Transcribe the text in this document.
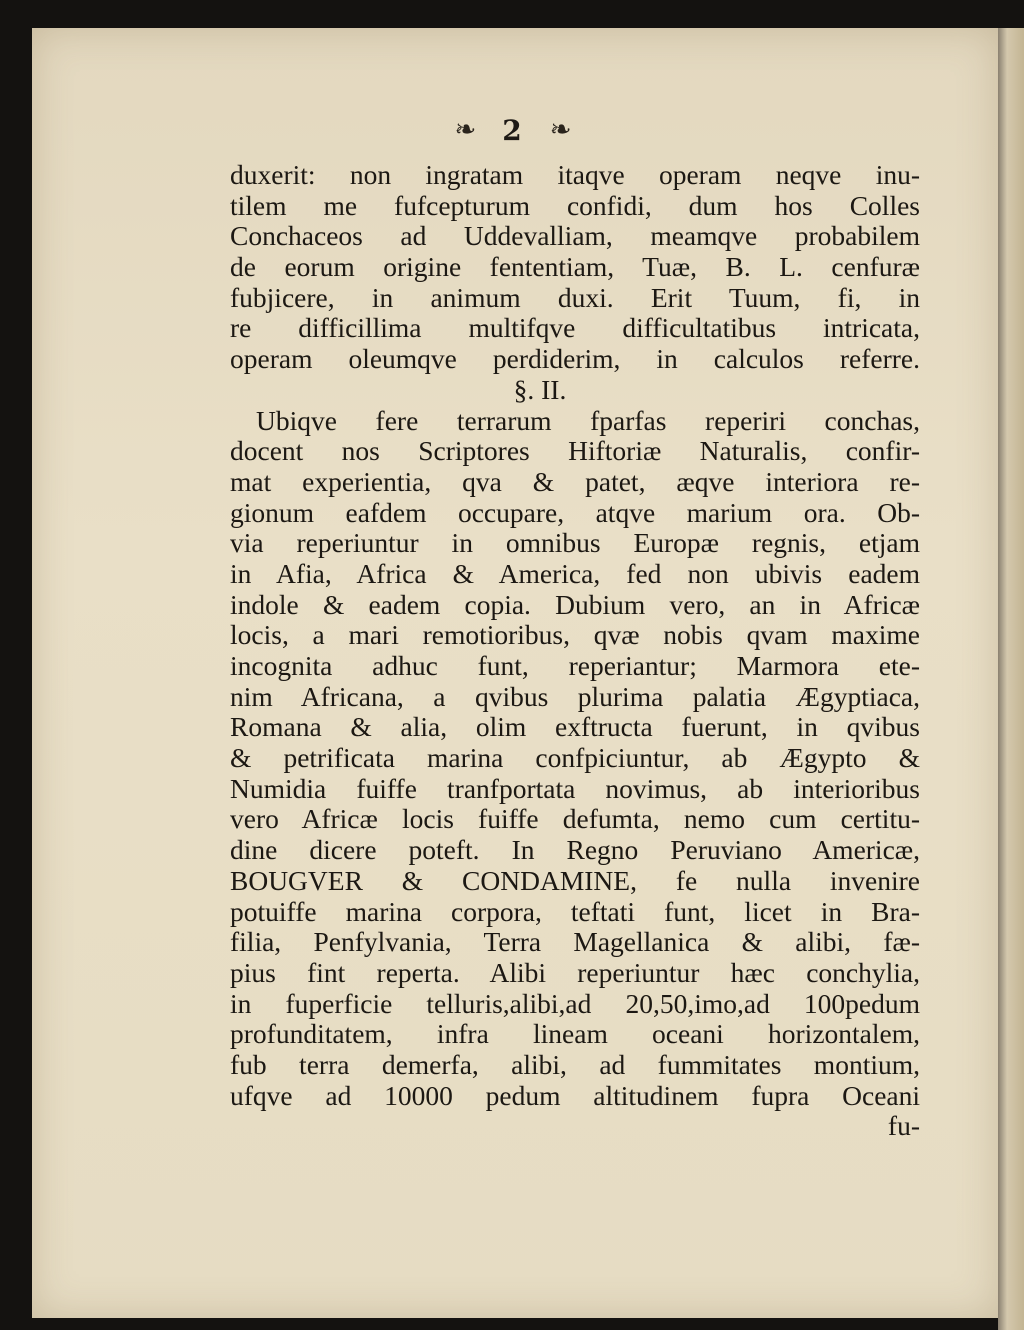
❧ 2 ❧
duxerit: non ingratam itaqve operam neqve inu-
tilem me fufcepturum confidi, dum hos Colles
Conchaceos ad Uddevalliam, meamqve probabilem
de eorum origine fententiam, Tuæ, B. L. cenfuræ
fubjicere, in animum duxi. Erit Tuum, fi, in
re difficillima multifqve difficultatibus intricata,
operam oleumqve perdiderim, in calculos referre.
§. II.
Ubiqve fere terrarum fparfas reperiri conchas,
docent nos Scriptores Hiftoriæ Naturalis, confir-
mat experientia, qva & patet, æqve interiora re-
gionum eafdem occupare, atqve marium ora. Ob-
via reperiuntur in omnibus Europæ regnis, etjam
in Afia, Africa & America, fed non ubivis eadem
indole & eadem copia. Dubium vero, an in Africæ
locis, a mari remotioribus, qvæ nobis qvam maxime
incognita adhuc funt, reperiantur; Marmora ete-
nim Africana, a qvibus plurima palatia Ægyptiaca,
Romana & alia, olim exftructa fuerunt, in qvibus
& petrificata marina confpiciuntur, ab Ægypto &
Numidia fuiffe tranfportata novimus, ab interioribus
vero Africæ locis fuiffe defumta, nemo cum certitu-
dine dicere poteft. In Regno Peruviano Americæ,
BOUGVER & CONDAMINE, fe nulla invenire
potuiffe marina corpora, teftati funt, licet in Bra-
filia, Penfylvania, Terra Magellanica & alibi, fæ-
pius fint reperta. Alibi reperiuntur hæc conchylia,
in fuperficie telluris,alibi,ad 20,50,imo,ad 100pedum
profunditatem, infra lineam oceani horizontalem,
fub terra demerfa, alibi, ad fummitates montium,
ufqve ad 10000 pedum altitudinem fupra Oceani
fu-
